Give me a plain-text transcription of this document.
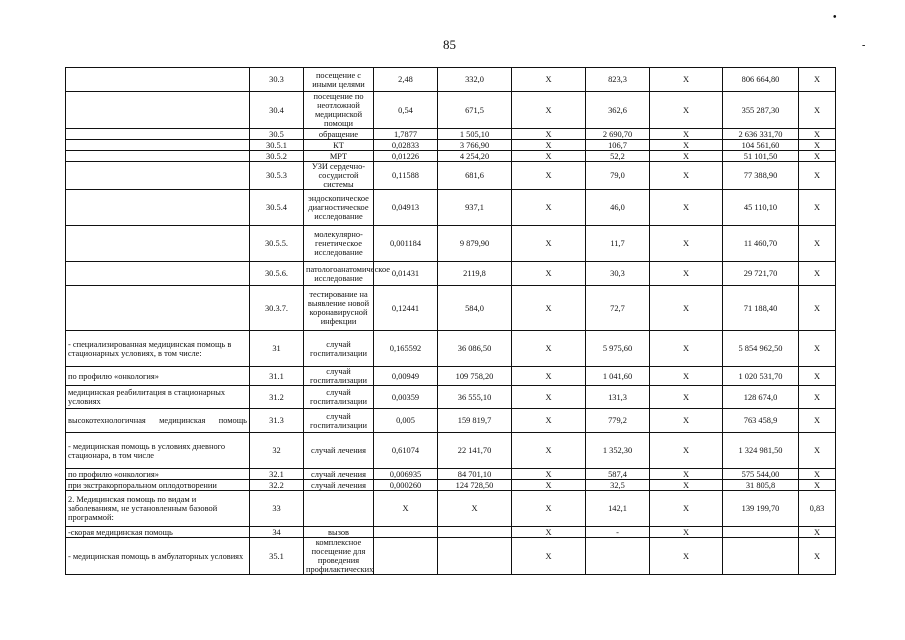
85
•
-
	30.3	посещение с иными целями	2,48	332,0	Х	823,3	Х	806 664,80	Х
	30.4	посещение по неотложной медицинской помощи	0,54	671,5	Х	362,6	Х	355 287,30	Х
	30.5	обращение	1,7877	1 505,10	Х	2 690,70	Х	2 636 331,70	Х
	30.5.1	КТ	0,02833	3 766,90	Х	106,7	Х	104 561,60	Х
	30.5.2	МРТ	0,01226	4 254,20	Х	52,2	Х	51 101,50	Х
	30.5.3	УЗИ сердечно-сосудистой системы	0,11588	681,6	Х	79,0	Х	77 388,90	Х
	30.5.4	эндоскопическое диагностическое исследование	0,04913	937,1	Х	46,0	Х	45 110,10	Х
	30.5.5.	молекулярно-генетическое исследование	0,001184	9 879,90	Х	11,7	Х	11 460,70	Х
	30.5.6.	патологоанатомическое исследование	0,01431	2119,8	Х	30,3	Х	29 721,70	Х
	30.3.7.	тестирование на выявление новой коронавирусной инфекции	0,12441	584,0	Х	72,7	Х	71 188,40	Х
- специализированная медицинская помощь в стационарных условиях, в том числе:	31	случай госпитализации	0,165592	36 086,50	Х	5 975,60	Х	5 854 962,50	Х
по профилю «онкология»	31.1	случай госпитализации	0,00949	109 758,20	Х	1 041,60	Х	1 020 531,70	Х
медицинская реабилитация в стационарных условиях	31.2	случай госпитализации	0,00359	36 555,10	Х	131,3	Х	128 674,0	Х
высокотехнологичная медицинская помощь	31.3	случай госпитализации	0,005	159 819,7	Х	779,2	Х	763 458,9	Х
- медицинская помощь в условиях дневного стационара, в том числе	32	случай лечения	0,61074	22 141,70	Х	1 352,30	Х	1 324 981,50	Х
по профилю «онкология»	32.1	случай лечения	0,006935	84 701,10	Х	587,4	Х	575 544,00	Х
при экстракорпоральном оплодотворении	32.2	случай лечения	0,000260	124 728,50	Х	32,5	Х	31 805,8	Х
2. Медицинская помощь по видам и заболеваниям, не установленным базовой программой:	33		Х	Х	Х	142,1	Х	139 199,70	0,83
-скорая медицинская помощь	34	вызов			Х	-	Х		Х
- медицинская помощь в амбулаторных условиях	35.1	комплексное посещение для проведения профилактических			Х		Х		Х
